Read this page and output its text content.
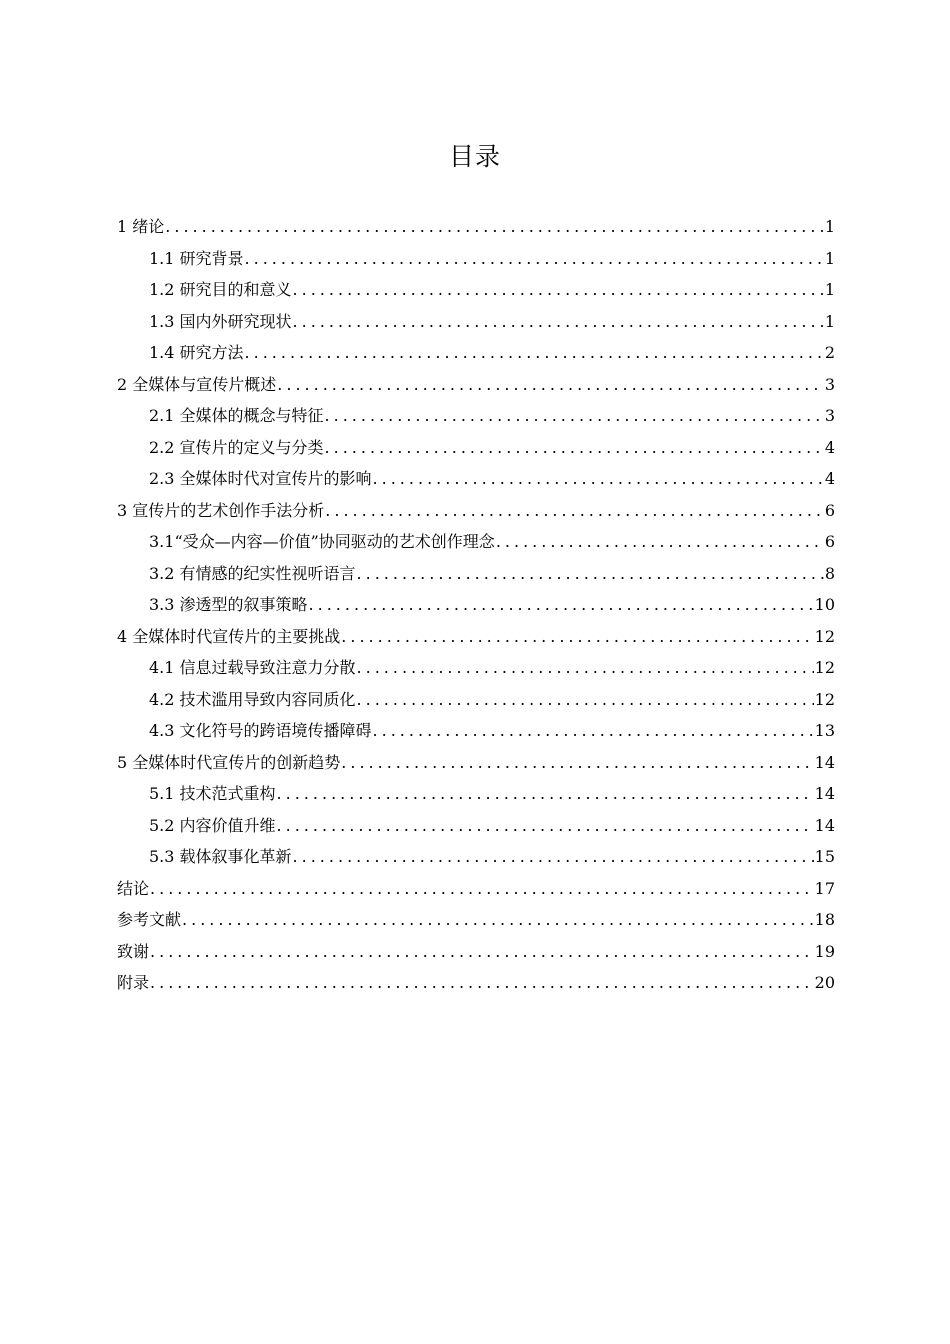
目录
1 绪论 .....	1
1.1 研究背景 .....	1
1.2 研究目的和意义 .....	1
1.3 国内外研究现状 .....	1
1.4 研究方法 .....	2
2 全媒体与宣传片概述 .....	3
2.1 全媒体的概念与特征 .....	3
2.2 宣传片的定义与分类 .....	4
2.3 全媒体时代对宣传片的影响 .....	4
3 宣传片的艺术创作手法分析 .....	6
3.1“受众—内容—价值”协同驱动的艺术创作理念 .....	6
3.2 有情感的纪实性视听语言 .....	8
3.3 渗透型的叙事策略 .....	10
4 全媒体时代宣传片的主要挑战 .....	12
4.1 信息过载导致注意力分散 .....	12
4.2 技术滥用导致内容同质化 .....	12
4.3 文化符号的跨语境传播障碍 .....	13
5 全媒体时代宣传片的创新趋势 .....	14
5.1 技术范式重构 .....	14
5.2 内容价值升维 .....	14
5.3 载体叙事化革新 .....	15
结论 .....	17
参考文献 .....	18
致谢 .....	19
附录 .....	20
